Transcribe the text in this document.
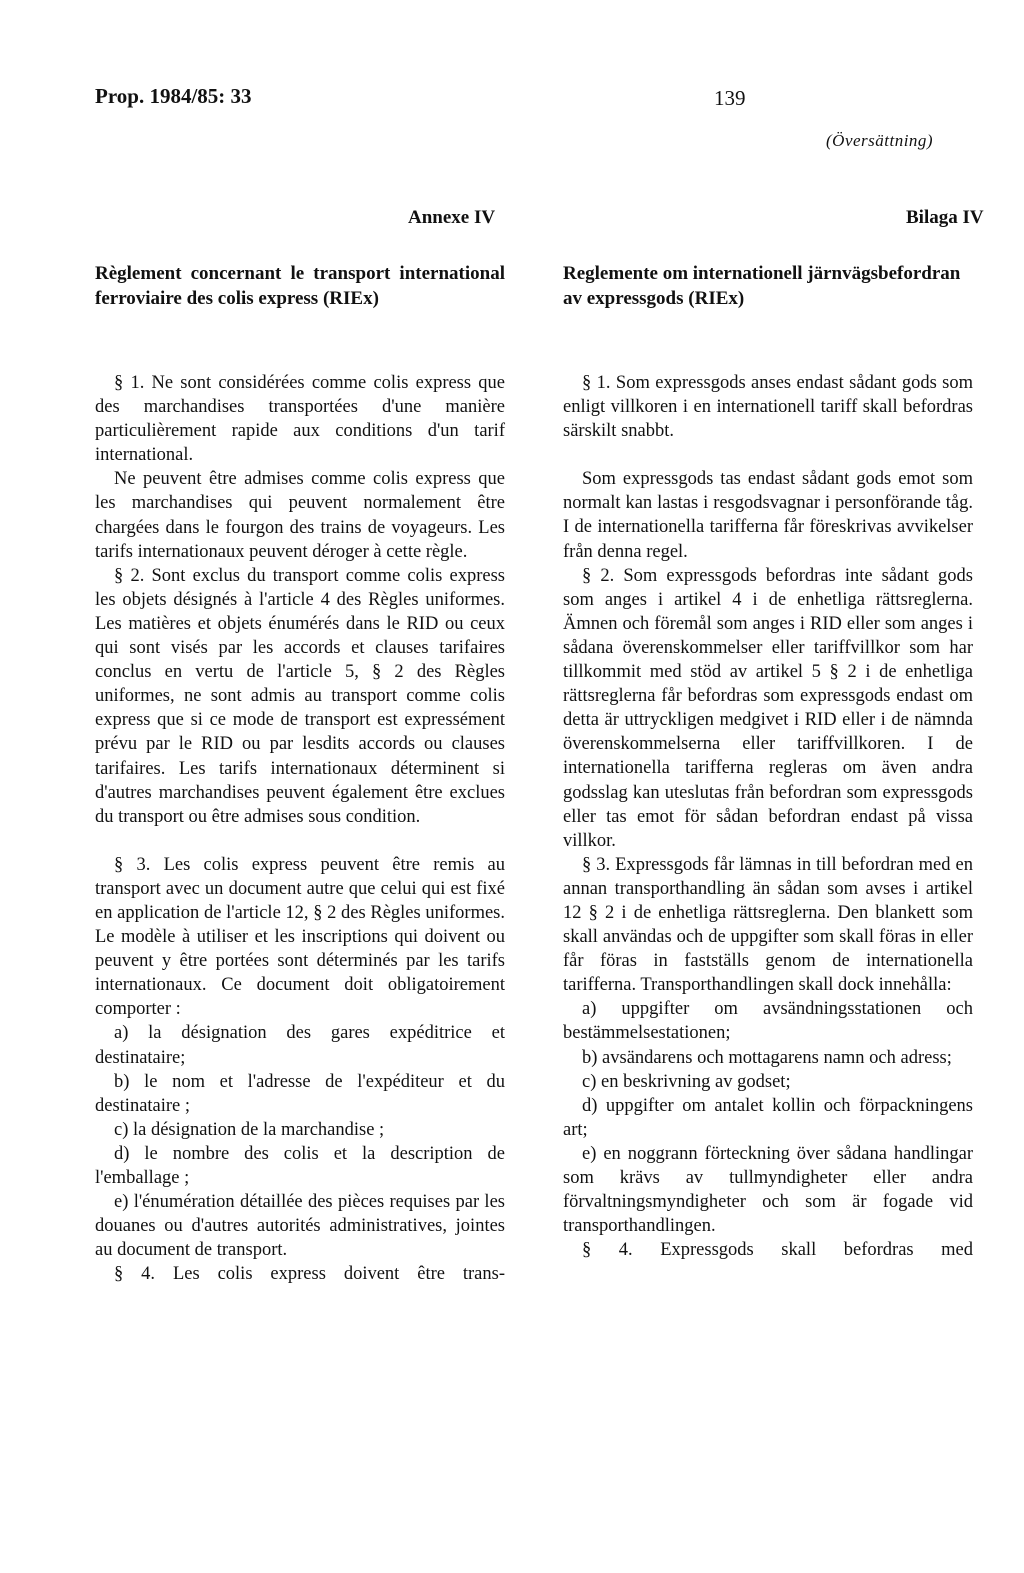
Prop. 1984/85: 33	139
(Översättning)
Annexe IV	Bilaga IV
Règlement concernant le transport international ferroviaire des colis express (RIEx)
Reglemente om internationell järnvägsbefordran av expressgods (RIEx)

§ 1. Ne sont considérées comme colis express que des marchandises transportées d'une manière particulièrement rapide aux conditions d'un tarif international.

Ne peuvent être admises comme colis express que les marchandises qui peuvent normalement être chargées dans le fourgon des trains de voyageurs. Les tarifs internationaux peuvent déroger à cette règle.

§ 2. Sont exclus du transport comme colis express les objets désignés à l'article 4 des Règles uniformes. Les matières et objets énumérés dans le RID ou ceux qui sont visés par les accords et clauses tarifaires conclus en vertu de l'article 5, § 2 des Règles uniformes, ne sont admis au transport comme colis express que si ce mode de transport est expressément prévu par le RID ou par lesdits accords ou clauses tarifaires. Les tarifs internationaux déterminent si d'autres marchandises peuvent également être exclues du transport ou être admises sous condition.

§ 3. Les colis express peuvent être remis au transport avec un document autre que celui qui est fixé en application de l'article 12, § 2 des Règles uniformes. Le modèle à utiliser et les inscriptions qui doivent ou peuvent y être portées sont déterminés par les tarifs internationaux. Ce document doit obligatoirement comporter :

a) la désignation des gares expéditrice et destinataire;

b) le nom et l'adresse de l'expéditeur et du destinataire ;

c) la désignation de la marchandise ;

d) le nombre des colis et la description de l'emballage ;

e) l'énumération détaillée des pièces requises par les douanes ou d'autres autorités administratives, jointes au document de transport.

§ 4. Les colis express doivent être trans-

§ 1. Som expressgods anses endast sådant gods som enligt villkoren i en internationell tariff skall befordras särskilt snabbt.

Som expressgods tas endast sådant gods emot som normalt kan lastas i resgodsvagnar i personförande tåg. I de internationella tarifferna får föreskrivas avvikelser från denna regel.

§ 2. Som expressgods befordras inte sådant gods som anges i artikel 4 i de enhetliga rättsreglerna. Ämnen och föremål som anges i RID eller som anges i sådana överenskommelser eller tariffvillkor som har tillkommit med stöd av artikel 5 § 2 i de enhetliga rättsreglerna får befordras som expressgods endast om detta är uttryckligen medgivet i RID eller i de nämnda överenskommelserna eller tariffvillkoren. I de internationella tarifferna regleras om även andra godsslag kan uteslutas från befordran som expressgods eller tas emot för sådan befordran endast på vissa villkor.

§ 3. Expressgods får lämnas in till befordran med en annan transporthandling än sådan som avses i artikel 12 § 2 i de enhetliga rättsreglerna. Den blankett som skall användas och de uppgifter som skall föras in eller får föras in fastställs genom de internationella tarifferna. Transporthandlingen skall dock innehålla:

a) uppgifter om avsändningsstationen och bestämmelsestationen;

b) avsändarens och mottagarens namn och adress;

c) en beskrivning av godset;

d) uppgifter om antalet kollin och förpackningens art;

e) en noggrann förteckning över sådana handlingar som krävs av tullmyndigheter eller andra förvaltningsmyndigheter och som är fogade vid transporthandlingen.

§ 4. Expressgods skall befordras med
